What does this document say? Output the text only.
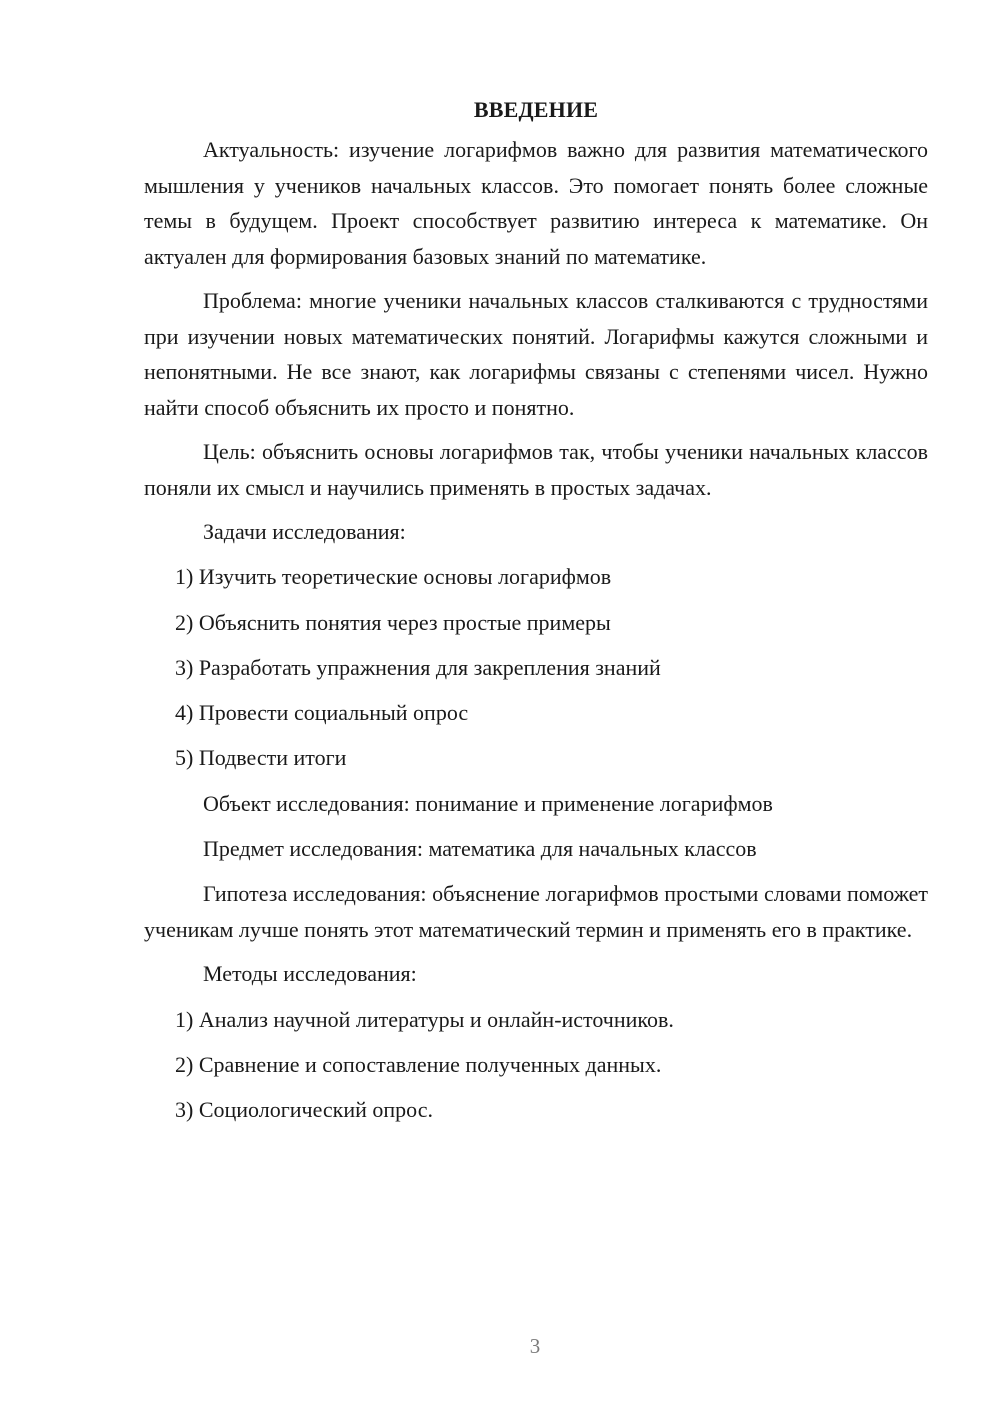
ВВЕДЕНИЕ

Актуальность: изучение логарифмов важно для развития математического мышления у учеников начальных классов. Это помогает понять более сложные темы в будущем. Проект способствует развитию интереса к математике. Он актуален для формирования базовых знаний по математике.

Проблема: многие ученики начальных классов сталкиваются с трудностями при изучении новых математических понятий. Логарифмы кажутся сложными и непонятными. Не все знают, как логарифмы связаны с степенями чисел. Нужно найти способ объяснить их просто и понятно.

Цель: объяснить основы логарифмов так, чтобы ученики начальных классов поняли их смысл и научились применять в простых задачах.

Задачи исследования:

1) Изучить теоретические основы логарифмов
2) Объяснить понятия через простые примеры
3) Разработать упражнения для закрепления знаний
4) Провести социальный опрос
5) Подвести итоги

Объект исследования: понимание и применение логарифмов

Предмет исследования: математика для начальных классов

Гипотеза исследования: объяснение логарифмов простыми словами поможет ученикам лучше понять этот математический термин и применять его в практике.

Методы исследования:

1) Анализ научной литературы и онлайн-источников.
2) Сравнение и сопоставление полученных данных.
3) Социологический опрос.
3
